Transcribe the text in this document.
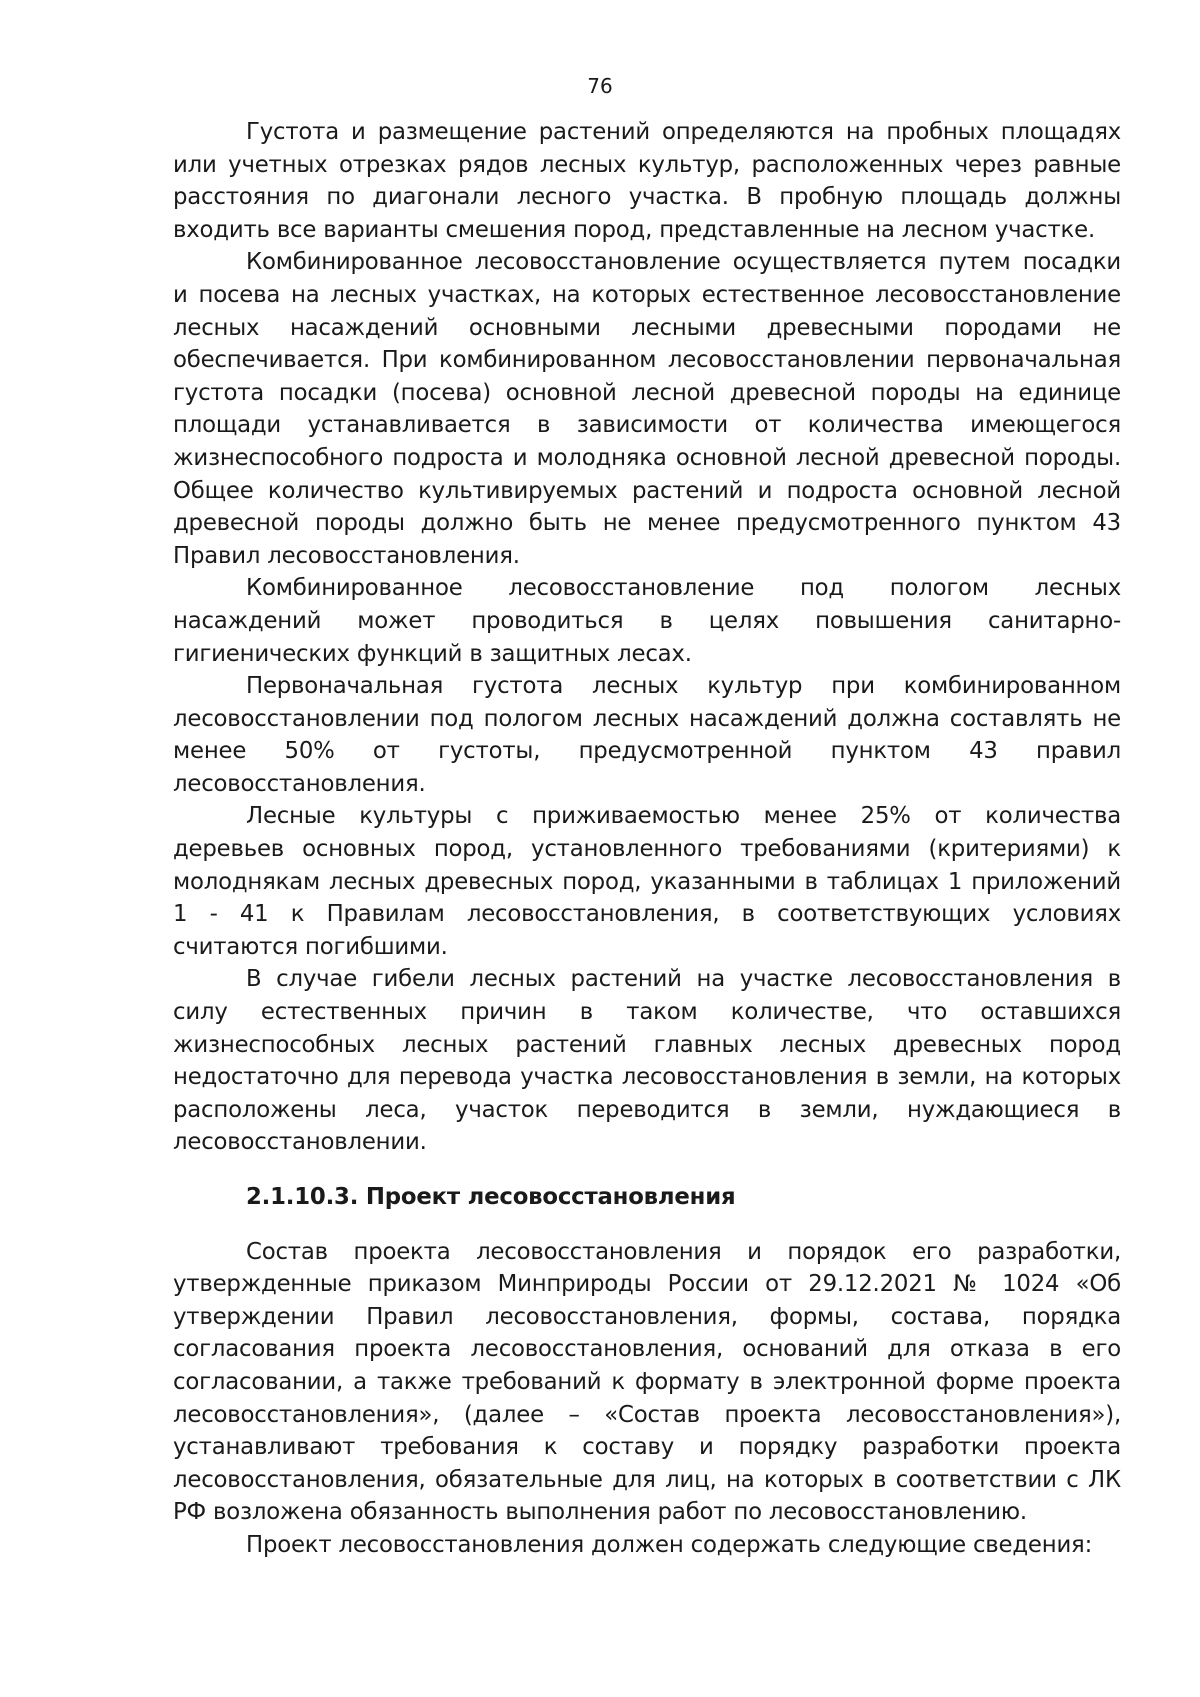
76

Густота и размещение растений определяются на пробных площадях или учетных отрезках рядов лесных культур, расположенных через равные расстояния по диагонали лесного участка. В пробную площадь должны входить все варианты смешения пород, представленные на лесном участке.

Комбинированное лесовосстановление осуществляется путем посадки и посева на лесных участках, на которых естественное лесовосстановление лесных насаждений основными лесными древесными породами не обеспечивается. При комбинированном лесовосстановлении первоначальная густота посадки (посева) основной лесной древесной породы на единице площади устанавливается в зависимости от количества имеющегося жизнеспособного подроста и молодняка основной лесной древесной породы. Общее количество культивируемых растений и подроста основной лесной древесной породы должно быть не менее предусмотренного пунктом 43 Правил лесовосстановления.

Комбинированное лесовосстановление под пологом лесных насаждений может проводиться в целях повышения санитарно-гигиенических функций в защитных лесах.

Первоначальная густота лесных культур при комбинированном лесовосстановлении под пологом лесных насаждений должна составлять не менее 50% от густоты, предусмотренной пунктом 43 правил лесовосстановления.

Лесные культуры с приживаемостью менее 25% от количества деревьев основных пород, установленного требованиями (критериями) к молоднякам лесных древесных пород, указанными в таблицах 1 приложений 1 - 41 к Правилам лесовосстановления, в соответствующих условиях считаются погибшими.

В случае гибели лесных растений на участке лесовосстановления в силу естественных причин в таком количестве, что оставшихся жизнеспособных лесных растений главных лесных древесных пород недостаточно для перевода участка лесовосстановления в земли, на которых расположены леса, участок переводится в земли, нуждающиеся в лесовосстановлении.

2.1.10.3. Проект лесовосстановления

Состав проекта лесовосстановления и порядок его разработки, утвержденные приказом Минприроды России от 29.12.2021 № 1024 «Об утверждении Правил лесовосстановления, формы, состава, порядка согласования проекта лесовосстановления, оснований для отказа в его согласовании, а также требований к формату в электронной форме проекта лесовосстановления», (далее – «Состав проекта лесовосстановления»), устанавливают требования к составу и порядку разработки проекта лесовосстановления, обязательные для лиц, на которых в соответствии с ЛК РФ возложена обязанность выполнения работ по лесовосстановлению.

Проект лесовосстановления должен содержать следующие сведения:
